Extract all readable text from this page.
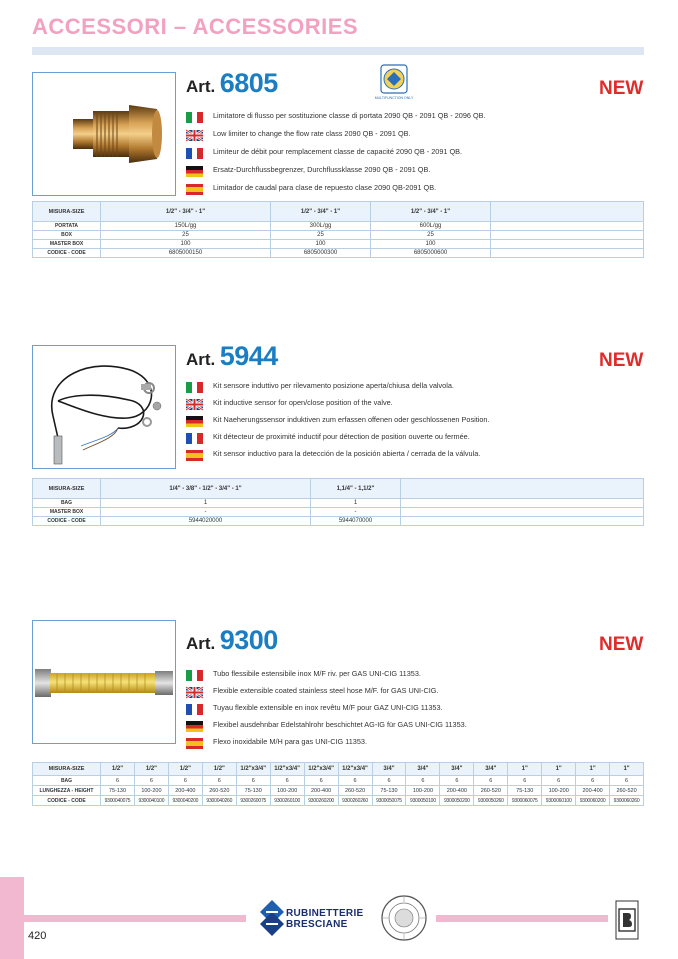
ACCESSORI – ACCESSORIES
Art. 6805	MULTIFUNCTION ONLY	NEW
Limitatore di flusso per sostituzione classe di portata 2090 QB - 2091 QB - 2096 QB.
Low limiter to change the flow rate class 2090 QB - 2091 QB.
Limiteur de débit pour remplacement classe de capacité 2090 QB - 2091 QB.
Ersatz-Durchflussbegrenzer, Durchflussklasse 2090 QB - 2091 QB.
Limitador de caudal para clase de repuesto clase 2090 QB-2091 QB.
MISURA-SIZE	1/2" - 3/4" - 1"	1/2" - 3/4" - 1"	1/2" - 3/4" - 1"	
PORTATA	150L/gg	300L/gg	600L/gg	
BOX	25	25	25	
MASTER BOX	100	100	100	
CODICE - CODE	6805000150	6805000300	6805000600	
Art. 5944	NEW
Kit sensore induttivo per rilevamento posizione aperta/chiusa della valvola.
Kit inductive sensor for open/close position of the valve.
Kit Naeherungssensor induktiven zum erfassen offenen oder geschlossenen Position.
Kit détecteur de proximité inductif pour détection de position ouverte ou fermée.
Kit sensor inductivo para la detección de la posición abierta / cerrada de la válvula.
MISURA-SIZE	1/4" - 3/8" - 1/2" - 3/4" - 1"	1,1/4" - 1,1/2"	
BAG	1	1	
MASTER BOX	-	-	
CODICE - CODE	5944020000	5944070000	
Art. 9300	NEW
Tubo flessibile estensibile inox M/F riv. per GAS UNI-CIG 11353.
Flexible extensible coated stainless steel hose M/F. for GAS UNI-CIG.
Tuyau flexible extensible en inox revêtu M/F pour GAZ UNI-CIG 11353.
Flexibel ausdehnbar Edelstahlrohr beschichtet AG-IG für GAS UNI-CIG 11353.
Flexo inoxidabile M/H para gas UNI-CIG 11353.
MISURA-SIZE	1/2"	1/2"	1/2"	1/2"	1/2"x3/4"	1/2"x3/4"	1/2"x3/4"	1/2"x3/4"	3/4"	3/4"	3/4"	3/4"	1"	1"	1"	1"
BAG	6	6	6	6	6	6	6	6	6	6	6	6	6	6	6	6
LUNGHEZZA - HEIGHT	75-130	100-200	200-400	260-520	75-130	100-200	200-400	260-520	75-130	100-200	200-400	260-520	75-130	100-200	200-400	260-520
CODICE - CODE	9300040075	9300040100	9300040200	9300040260	9300260075	9300260100	9300260200	9300260260	9300050075	9300050100	9300050200	9300050260	9300060075	9300060100	9300060200	9300060260
420
RUBINETTERIE
BRESCIANE
